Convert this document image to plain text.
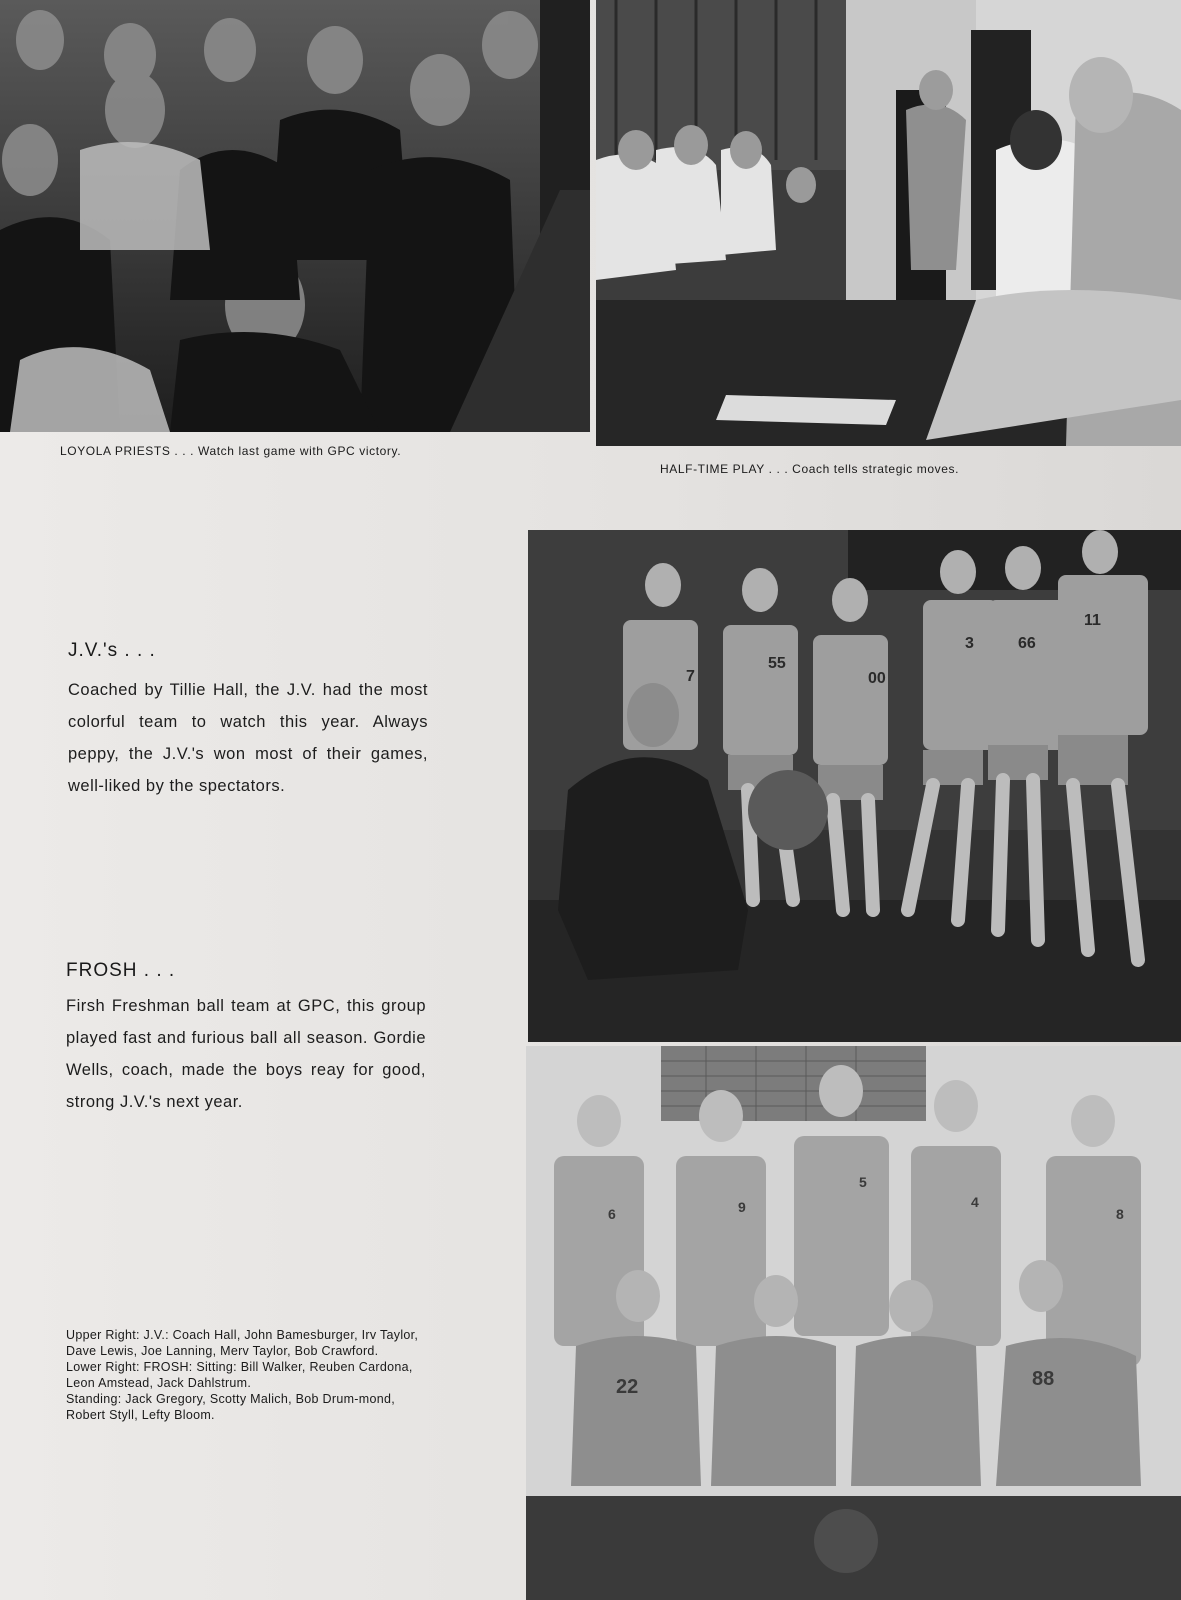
LOYOLA PRIESTS . . . Watch last game with GPC victory.
HALF-TIME PLAY . . . Coach tells strategic moves.
7
55
00
3	66
11
6	9
5
4
8
22	88
J.V.'s . . .
Coached by Tillie Hall, the J.V. had the most colorful team to watch this year. Always peppy, the J.V.'s won most of their games, well-liked by the spectators.
FROSH . . .
Firsh Freshman ball team at GPC, this group played fast and furious ball all season. Gordie Wells, coach, made the boys reay for good, strong J.V.'s next year.

Upper Right: J.V.: Coach Hall, John Bamesburger, Irv Taylor, Dave Lewis, Joe Lanning, Merv Taylor, Bob Crawford.

Lower Right: FROSH: Sitting: Bill Walker, Reuben Cardona, Leon Amstead, Jack Dahlstrum.

Standing: Jack Gregory, Scotty Malich, Bob Drum-mond, Robert Styll, Lefty Bloom.
